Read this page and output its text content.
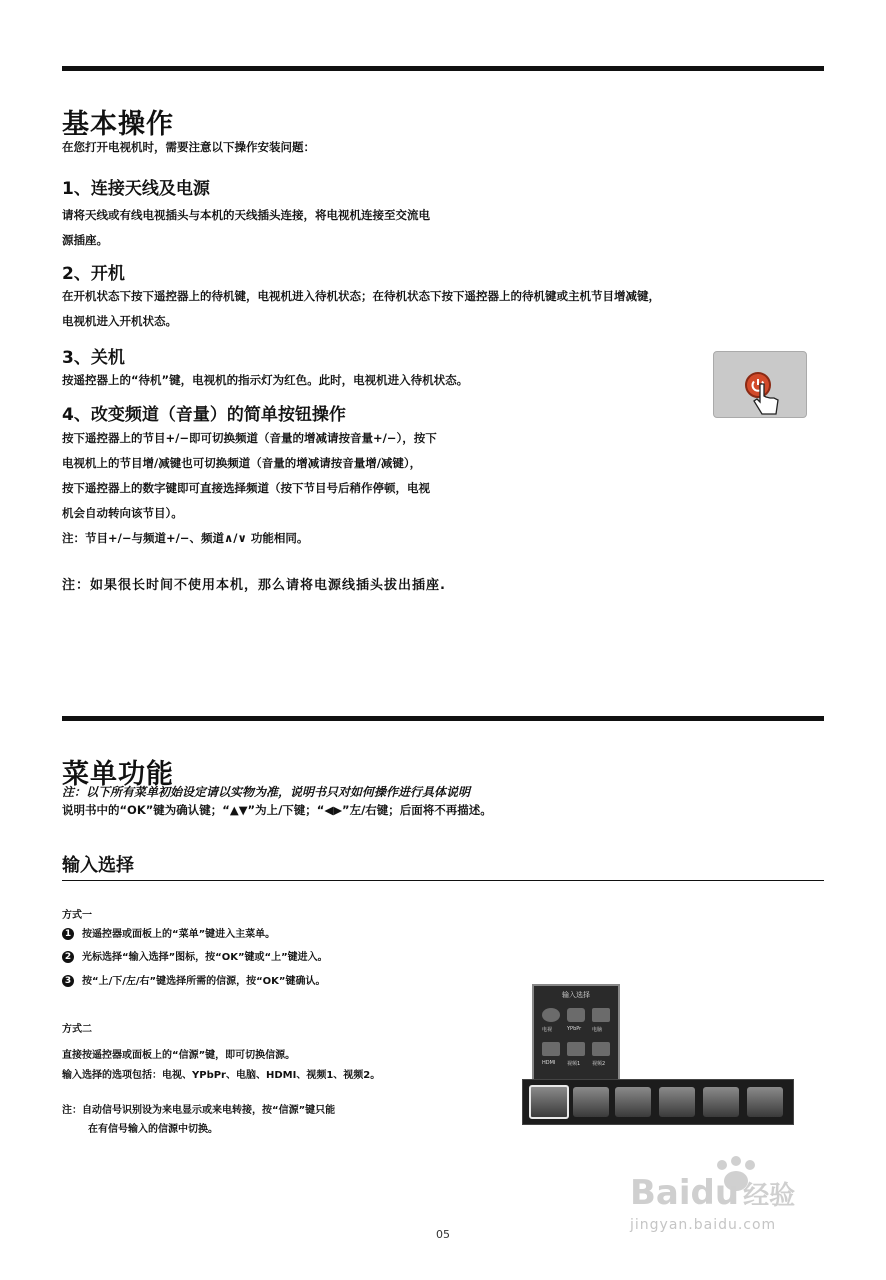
基本操作
在您打开电视机时，需要注意以下操作安装问题：
1、连接天线及电源
请将天线或有线电视插头与本机的天线插头连接，将电视机连接至交流电
源插座。
2、开机
在开机状态下按下遥控器上的待机键，电视机进入待机状态；在待机状态下按下遥控器上的待机键或主机节目增减键，
电视机进入开机状态。
3、关机
按遥控器上的“待机”键，电视机的指示灯为红色。此时，电视机进入待机状态。
4、改变频道（音量）的简单按钮操作
按下遥控器上的节目+/−即可切换频道（音量的增减请按音量+/−），按下
电视机上的节目增/减键也可切换频道（音量的增减请按音量增/减键），
按下遥控器上的数字键即可直接选择频道（按下节目号后稍作停顿，电视
机会自动转向该节目）。
注：节目+/−与频道+/−、频道∧/∨ 功能相同。
注：如果很长时间不使用本机，那么请将电源线插头拔出插座.
菜单功能
注：以下所有菜单初始设定请以实物为准，说明书只对如何操作进行具体说明
说明书中的“OK”键为确认键；“▲▼”为上/下键；“◀▶”左/右键；后面将不再描述。
输入选择
方式一
1 按遥控器或面板上的“菜单”键进入主菜单。
2 光标选择“输入选择”图标，按“OK”键或“上”键进入。
3 按“上/下/左/右”键选择所需的信源，按“OK”键确认。
方式二
直接按遥控器或面板上的“信源”键，即可切换信源。
输入选择的选项包括：电视、YPbPr、电脑、HDMI、视频1、视频2。
注：自动信号识别设为来电显示或来电转接，按“信源”键只能
在有信号输入的信源中切换。
输入选择
电视	YPbPr 电脑
HDMI 视频1 视频2
Baidu 经验
jingyan.baidu.com
05
